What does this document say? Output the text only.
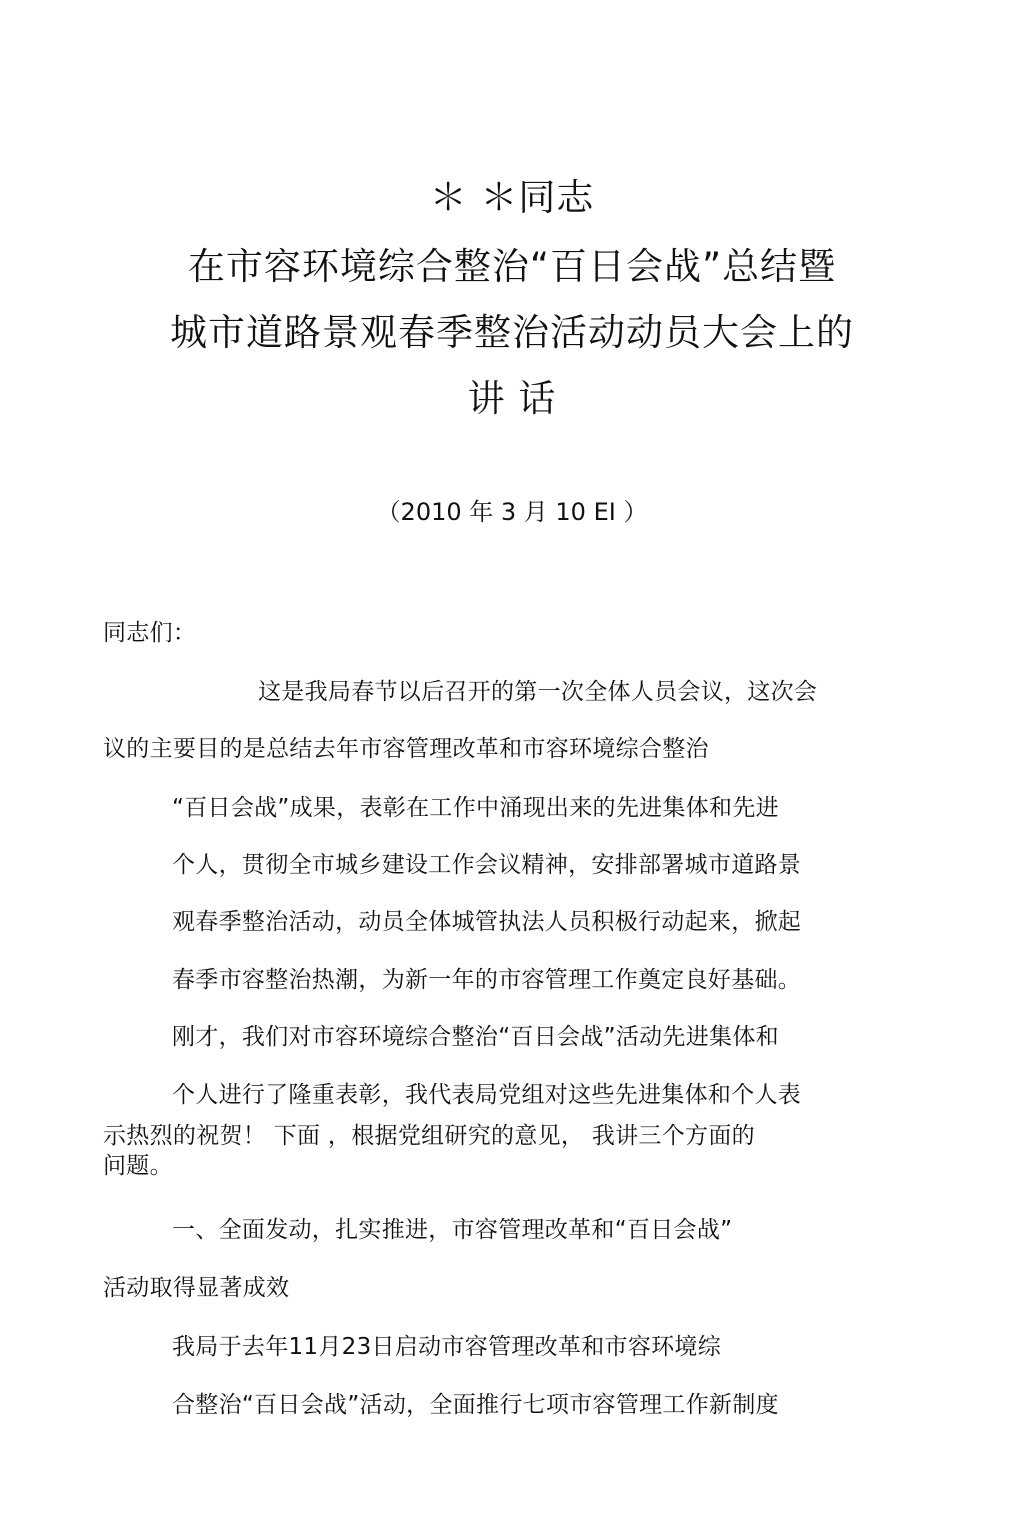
＊ ＊同志
在市容环境综合整治“百日会战”总结暨
城市道路景观春季整治活动动员大会上的
讲 话
（2010 年 3 月 10 EI ）
同志们：
这是我局春节以后召开的第一次全体人员会议，这次会
议的主要目的是总结去年市容管理改革和市容环境综合整治
“百日会战”成果，表彰在工作中涌现出来的先进集体和先进
个人，贯彻全市城乡建设工作会议精神，安排部署城市道路景
观春季整治活动，动员全体城管执法人员积极行动起来，掀起
春季市容整治热潮，为新一年的市容管理工作奠定良好基础。
刚才，我们对市容环境综合整治“百日会战”活动先进集体和
个人进行了隆重表彰，我代表局党组对这些先进集体和个人表
示热烈的祝贺！ 下面 ，根据党组研究的意见， 我讲三个方面的
问题。
一、全面发动，扎实推进，市容管理改革和“百日会战”
活动取得显著成效
我局于去年11月23日启动市容管理改革和市容环境综
合整治“百日会战”活动，全面推行七项市容管理工作新制度
